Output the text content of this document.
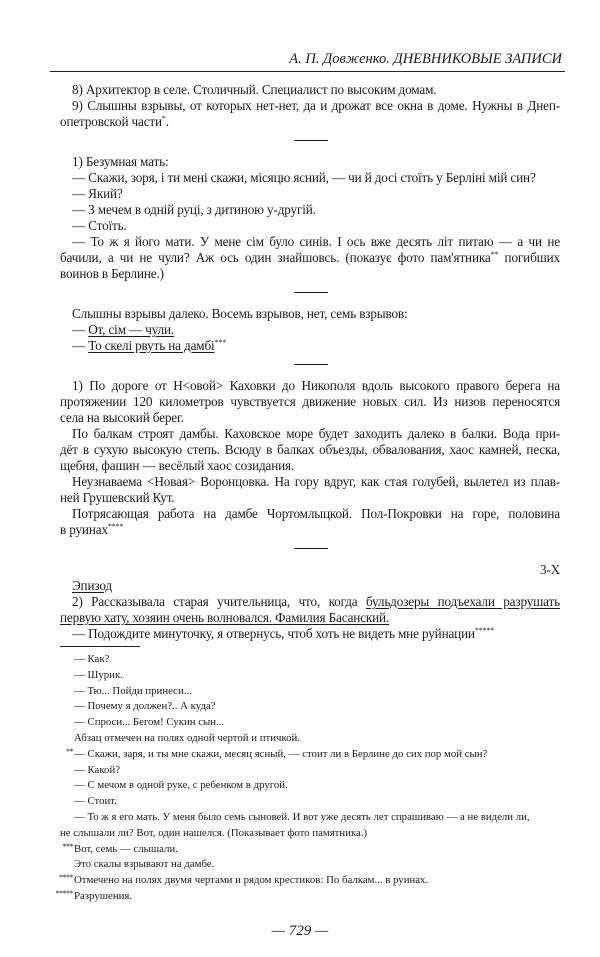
А. П. Довженко. ДНЕВНИКОВЫЕ ЗАПИСИ
8) Архитектор в селе. Столичный. Специалист по высоким домам.
9) Слышны взрывы, от которых нет-нет, да и дрожат все окна в доме. Нужны в Днеп-
опетровской части*.
1) Безумная мать:
— Скажи, зоря, і ти мені скажи, місяцю ясний, — чи й досі стоїть у Берліні мій син?
— Який?
— З мечем в одній руці, з дитиною у-другій.
— Стоїть.
— То ж я його мати. У мене сім було синів. І ось вже десять літ питаю — а чи не
бачили, а чи не чули? Аж ось один знайшовсь. (показує фото пам'ятника** погибших
воинов в Берлине.)
Слышны взрывы далеко. Восемь взрывов, нет, семь взрывов:
— От, сім — чули.
— То скелі рвуть на дамбі***
1) По дороге от Н<овой> Каховки до Никополя вдоль высокого правого берега на
протяжении 120 километров чувствуется движение новых сил. Из низов переносятся
села на высокий берег.
По балкам строят дамбы. Каховское море будет заходить далеко в балки. Вода при-
дёт в сухую высокую степь. Всюду в балках объезды, обвалования, хаос камней, песка,
щебня, фашин — весёлый хаос созидания.
Неузнаваема <Новая> Воронцовка. На гору вдруг, как стая голубей, вылетел из плав-
ней Грушевский Кут.
Потрясающая работа на дамбе Чортомлыцкой. Пол-Покровки на горе, половина
в руинах****
3-Х
Эпизод
2) Рассказывала старая учительница, что, когда бульдозеры подъехали разрушать
первую хату, хозяин очень волновался. Фамилия Басанский.
— Подождите минуточку, я отвернусь, чтоб хоть не видеть мне руйнации*****
— Как?
— Шурик.
— Тю... Пойди принеси...
— Почему я должен?.. А куда?
— Спроси... Бегом! Сукин сын...
Абзац отмечен на полях одной чертой и птичкой.
** — Скажи, заря, и ты мне скажи, месяц ясный, — стоит ли в Берлине до сих пор мой сын?
— Какой?
— С мечом в одной руке, с ребенком в другой.
— Стоит.
— То ж я его мать. У меня было семь сыновей. И вот уже десять лет спрашиваю — а не видели ли,
не слышали ли? Вот, один нашелся. (Показывает фото памятника.)
*** Вот, семь — слышали.
Это скалы взрывают на дамбе.
**** Отмечено на полях двумя чертами и рядом крестиков: По балкам... в руинах.
***** Разрушения.
— 729 —
